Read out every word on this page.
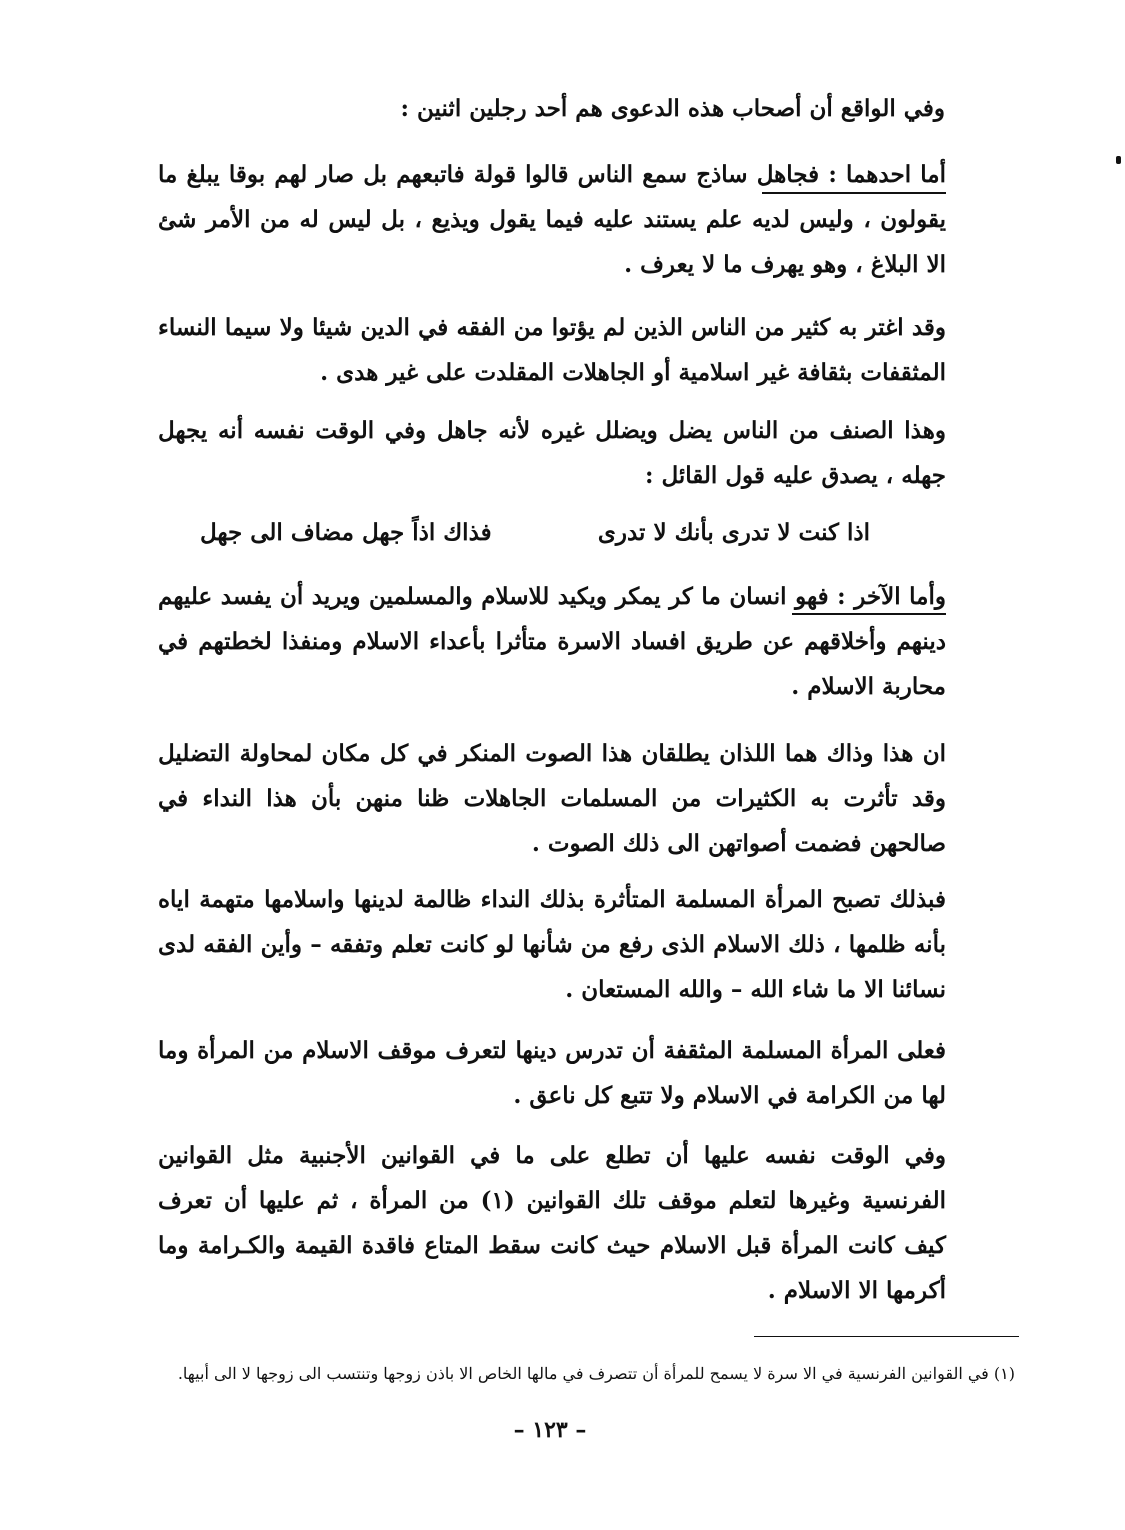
وفي الواقع أن أصحاب هذه الدعوى هم أحد رجلين اثنين :

أما احدهما : فجاهل ساذج سمع الناس قالوا قولة فاتبعهم بل صار لهم بوقا يبلغ ما يقولون ، وليس لديه علم يستند عليه فيما يقول ويذيع ، بل ليس له من الأمر شئ الا البلاغ ، وهو يهرف ما لا يعرف .

وقد اغتر به كثير من الناس الذين لم يؤتوا من الفقه في الدين شيئا ولا سيما النساء المثقفات بثقافة غير اسلامية أو الجاهلات المقلدت على غير هدى .

وهذا الصنف من الناس يضل ويضلل غيره لأنه جاهل وفي الوقت نفسه أنه يجهل جهله ، يصدق عليه قول القائل :

اذا كنت لا تدرى بأنك لا تدرى
فذاك اذاً جهل مضاف الى جهل

وأما الآخر : فهو انسان ما كر يمكر ويكيد للاسلام والمسلمين ويريد أن يفسد عليهم دينهم وأخلاقهم عن طريق افساد الاسرة متأثرا بأعداء الاسلام ومنفذا لخطتهم في محاربة الاسلام .

ان هذا وذاك هما اللذان يطلقان هذا الصوت المنكر في كل مكان لمحاولة التضليل وقد تأثرت به الكثيرات من المسلمات الجاهلات ظنا منهن بأن هذا النداء في صالحهن فضمت أصواتهن الى ذلك الصوت .

فبذلك تصبح المرأة المسلمة المتأثرة بذلك النداء ظالمة لدينها واسلامها متهمة اياه بأنه ظلمها ، ذلك الاسلام الذى رفع من شأنها لو كانت تعلم وتفقه – وأين الفقه لدى نسائنا الا ما شاء الله – والله المستعان .

فعلى المرأة المسلمة المثقفة أن تدرس دينها لتعرف موقف الاسلام من المرأة وما لها من الكرامة في الاسلام ولا تتبع كل ناعق .

وفي الوقت نفسه عليها أن تطلع على ما في القوانين الأجنبية مثل القوانين الفرنسية وغيرها لتعلم موقف تلك القوانين (١) من المرأة ، ثم عليها أن تعرف كيف كانت المرأة قبل الاسلام حيث كانت سقط المتاع فاقدة القيمة والكـرامة وما أكرمها الا الاسلام .

(١) في القوانين الفرنسية في الا سرة لا يسمح للمرأة أن تتصرف في مالها الخاص الا باذن زوجها وتنتسب الى زوجها لا الى أبيها.
– ١٢٣ –
